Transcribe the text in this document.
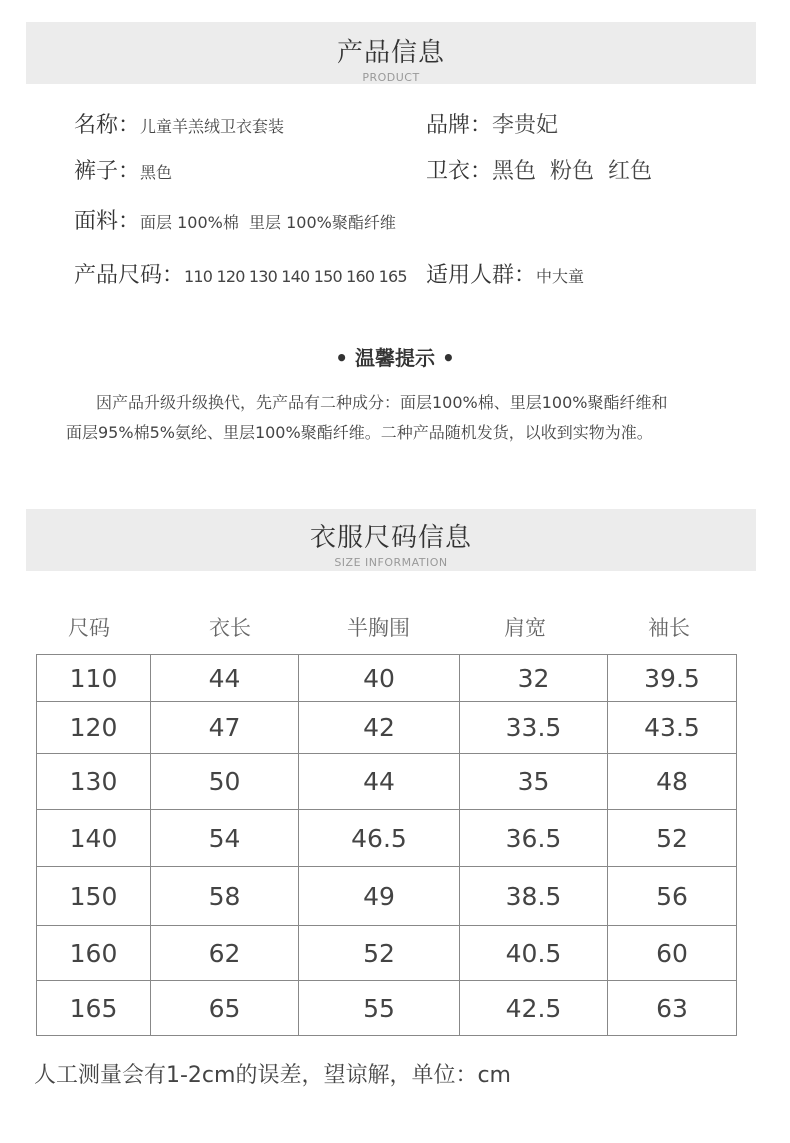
产品信息
PRODUCT
名称：儿童羊羔绒卫衣套装	品牌：李贵妃
裤子：黑色	卫衣：黑色  粉色  红色
面料：面层 100%棉  里层 100%聚酯纤维
产品尺码：110 120 130 140 150 160 165 适用人群：中大童
• 温馨提示 •
因产品升级升级换代，先产品有二种成分：面层100%棉、里层100%聚酯纤维和
面层95%棉5%氨纶、里层100%聚酯纤维。二种产品随机发货，以收到实物为准。
衣服尺码信息
SIZE INFORMATION
尺码	衣长	半胸围	肩宽	袖长
110	44	40	32	39.5
120	47	42	33.5	43.5
130	50	44	35	48
140	54	46.5	36.5	52
150	58	49	38.5	56
160	62	52	40.5	60
165	65	55	42.5	63
人工测量会有1-2cm的误差，望谅解，单位：cm
